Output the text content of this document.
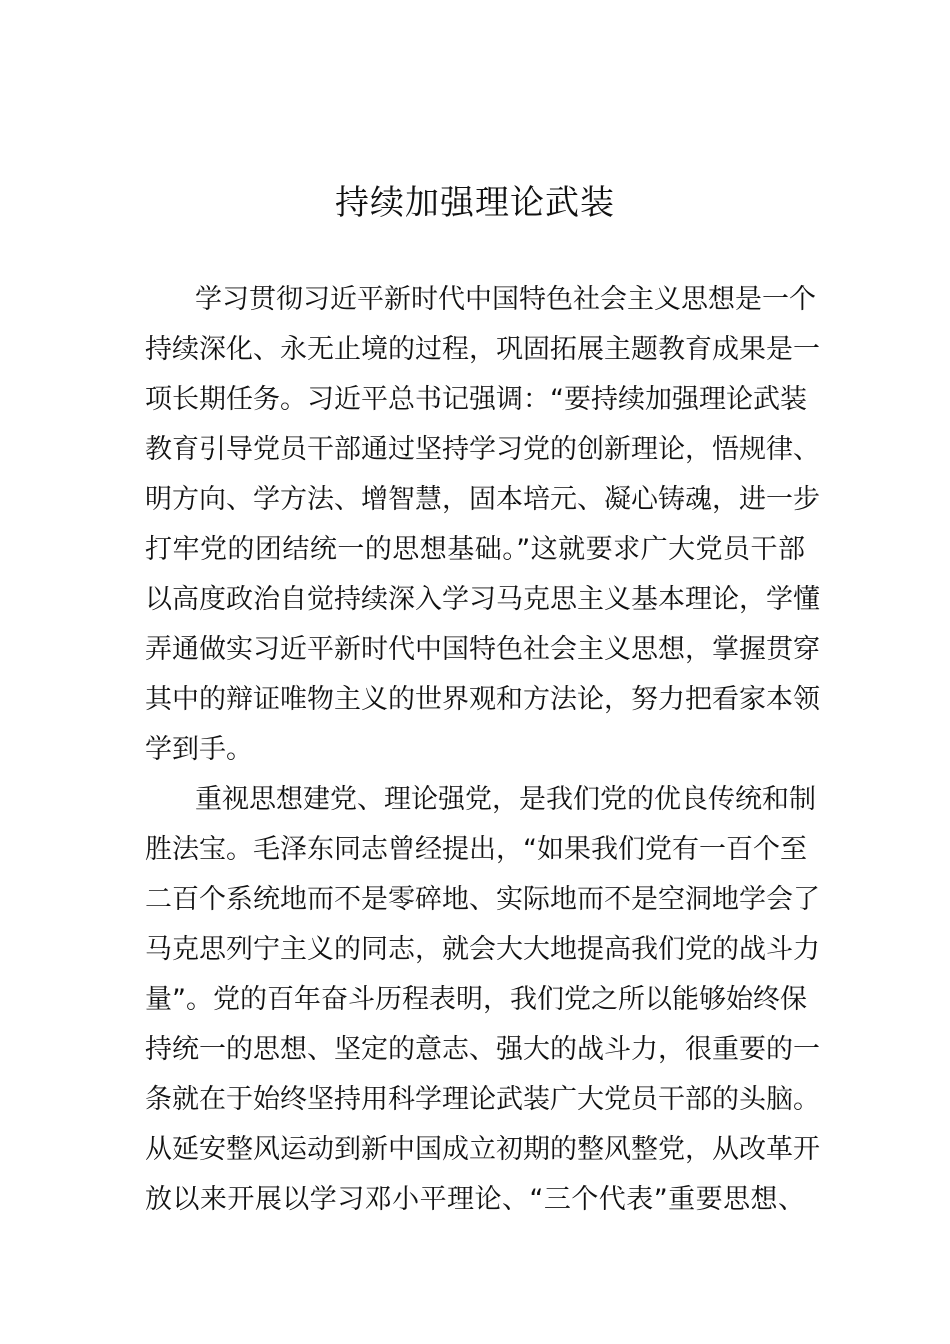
持续加强理论武装
学习贯彻习近平新时代中国特色社会主义思想是一个
持续深化、永无止境的过程，巩固拓展主题教育成果是一
项长期任务。习近平总书记强调：“要持续加强理论武装
教育引导党员干部通过坚持学习党的创新理论，悟规律、
明方向、学方法、增智慧，固本培元、凝心铸魂，进一步
打牢党的团结统一的思想基础。”这就要求广大党员干部
以高度政治自觉持续深入学习马克思主义基本理论，学懂
弄通做实习近平新时代中国特色社会主义思想，掌握贯穿
其中的辩证唯物主义的世界观和方法论，努力把看家本领
学到手。
重视思想建党、理论强党，是我们党的优良传统和制
胜法宝。毛泽东同志曾经提出，“如果我们党有一百个至
二百个系统地而不是零碎地、实际地而不是空洞地学会了
马克思列宁主义的同志，就会大大地提高我们党的战斗力
量”。党的百年奋斗历程表明，我们党之所以能够始终保
持统一的思想、坚定的意志、强大的战斗力，很重要的一
条就在于始终坚持用科学理论武装广大党员干部的头脑。
从延安整风运动到新中国成立初期的整风整党，从改革开
放以来开展以学习邓小平理论、“三个代表”重要思想、
